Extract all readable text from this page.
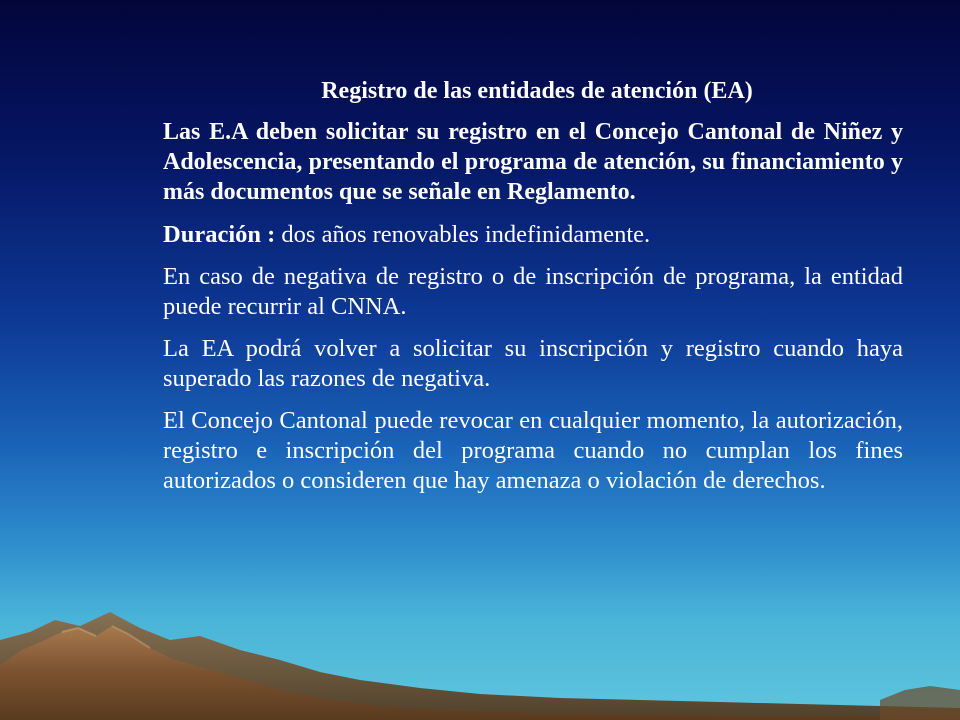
Registro de las entidades de atención (EA)

Las E.A deben solicitar su registro en el Concejo Cantonal de Niñez y Adolescencia, presentando el programa de atención, su financiamiento y más documentos que se señale en Reglamento.

Duración : dos años renovables indefinidamente.

En caso de negativa de registro o de inscripción de programa, la entidad puede recurrir al CNNA.

La EA podrá volver a solicitar su inscripción y registro cuando haya superado las razones de negativa.

El Concejo Cantonal puede revocar en cualquier momento, la autorización, registro e inscripción del programa cuando no cumplan los fines autorizados o consideren que hay amenaza o violación de derechos.
